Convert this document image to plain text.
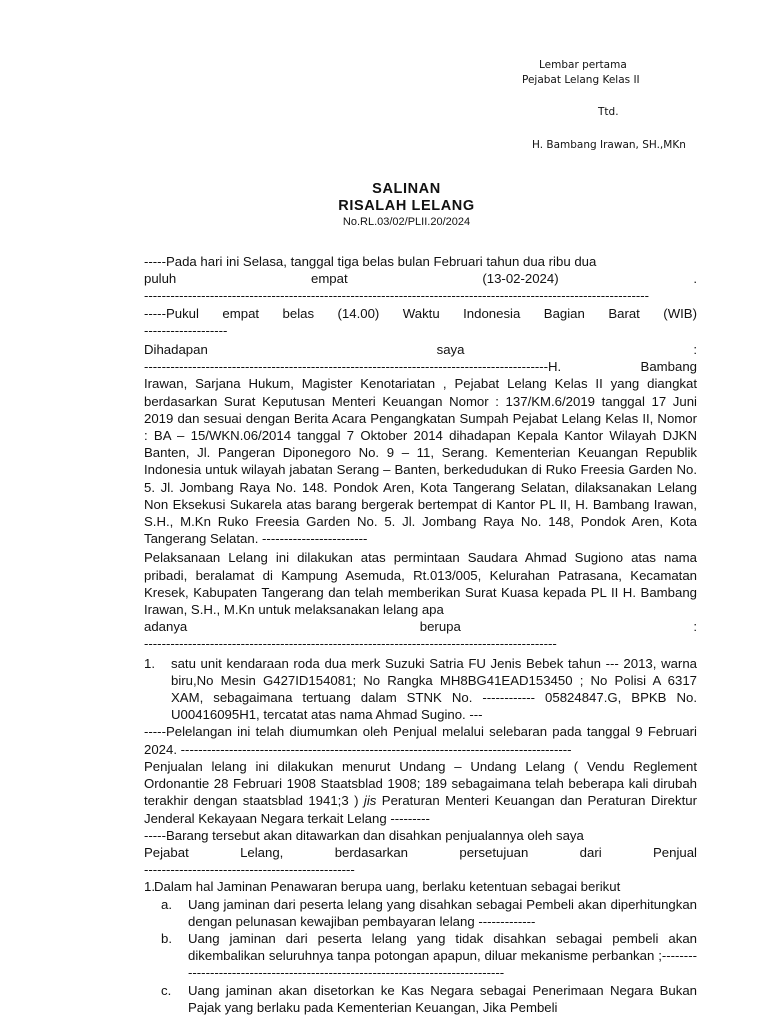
Lembar pertama
Pejabat Lelang Kelas II
Ttd.
H. Bambang Irawan, SH.,MKn
SALINAN
RISALAH LELANG
No.RL.03/02/PLII.20/2024
-----Pada hari ini Selasa, tanggal tiga belas bulan Februari tahun dua ribu dua
puluh empat (13-02-2024) .
-------------------------------------------------------------------------------------------------------------------
-----Pukul empat belas (14.00) Waktu Indonesia Bagian Barat (WIB)
-------------------
Dihadapan saya :
--------------------------------------------------------------------------------------------H. Bambang
Irawan, Sarjana Hukum, Magister Kenotariatan , Pejabat Lelang Kelas II yang diangkat berdasarkan Surat Keputusan Menteri Keuangan Nomor : 137/KM.6/2019 tanggal 17 Juni 2019 dan sesuai dengan Berita Acara Pengangkatan Sumpah Pejabat Lelang Kelas II, Nomor : BA – 15/WKN.06/2014 tanggal 7 Oktober 2014 dihadapan Kepala Kantor Wilayah DJKN Banten, Jl. Pangeran Diponegoro No. 9 – 11, Serang. Kementerian Keuangan Republik Indonesia untuk wilayah jabatan Serang – Banten, berkedudukan di Ruko Freesia Garden No. 5. Jl. Jombang Raya No. 148. Pondok Aren, Kota Tangerang Selatan, dilaksanakan Lelang Non Eksekusi Sukarela atas barang bergerak bertempat di Kantor PL II, H. Bambang Irawan, S.H., M.Kn Ruko Freesia Garden No. 5. Jl. Jombang Raya No. 148, Pondok Aren, Kota Tangerang Selatan. ------------------------
Pelaksanaan Lelang ini dilakukan atas permintaan Saudara Ahmad Sugiono atas nama pribadi, beralamat di Kampung Asemuda, Rt.013/005, Kelurahan Patrasana, Kecamatan Kresek, Kabupaten Tangerang dan telah memberikan Surat Kuasa kepada PL II H. Bambang Irawan, S.H., M.Kn untuk melaksanakan lelang apa
adanya berupa :
----------------------------------------------------------------------------------------------
1. satu unit kendaraan roda dua merk Suzuki Satria FU Jenis Bebek tahun --- 2013, warna biru,No Mesin G427ID154081; No Rangka MH8BG41EAD153450 ; No Polisi A 6317 XAM, sebagaimana tertuang dalam STNK No. ------------ 05824847.G, BPKB No. U00416095H1, tercatat atas nama Ahmad Sugino. ---
-----Pelelangan ini telah diumumkan oleh Penjual melalui selebaran pada tanggal 9 Februari 2024. -----------------------------------------------------------------------------------------
Penjualan lelang ini dilakukan menurut Undang – Undang Lelang ( Vendu Reglement Ordonantie 28 Februari 1908 Staatsblad 1908; 189 sebagaimana telah beberapa kali dirubah terakhir dengan staatsblad 1941;3 ) jis Peraturan Menteri Keuangan dan Peraturan Direktur Jenderal Kekayaan Negara terkait Lelang ---------
-----Barang tersebut akan ditawarkan dan disahkan penjualannya oleh saya
Pejabat Lelang, berdasarkan persetujuan dari Penjual
------------------------------------------------
1. Dalam hal Jaminan Penawaran berupa uang, berlaku ketentuan sebagai berikut
a. Uang jaminan dari peserta lelang yang disahkan sebagai Pembeli akan diperhitungkan dengan pelunasan kewajiban pembayaran lelang -------------
b. Uang jaminan dari peserta lelang yang tidak disahkan sebagai pembeli akan dikembalikan seluruhnya tanpa potongan apapun, diluar mekanisme perbankan ;--------------------------------------------------------------------------------
c. Uang jaminan akan disetorkan ke Kas Negara sebagai Penerimaan Negara Bukan Pajak yang berlaku pada Kementerian Keuangan, Jika Pembeli
